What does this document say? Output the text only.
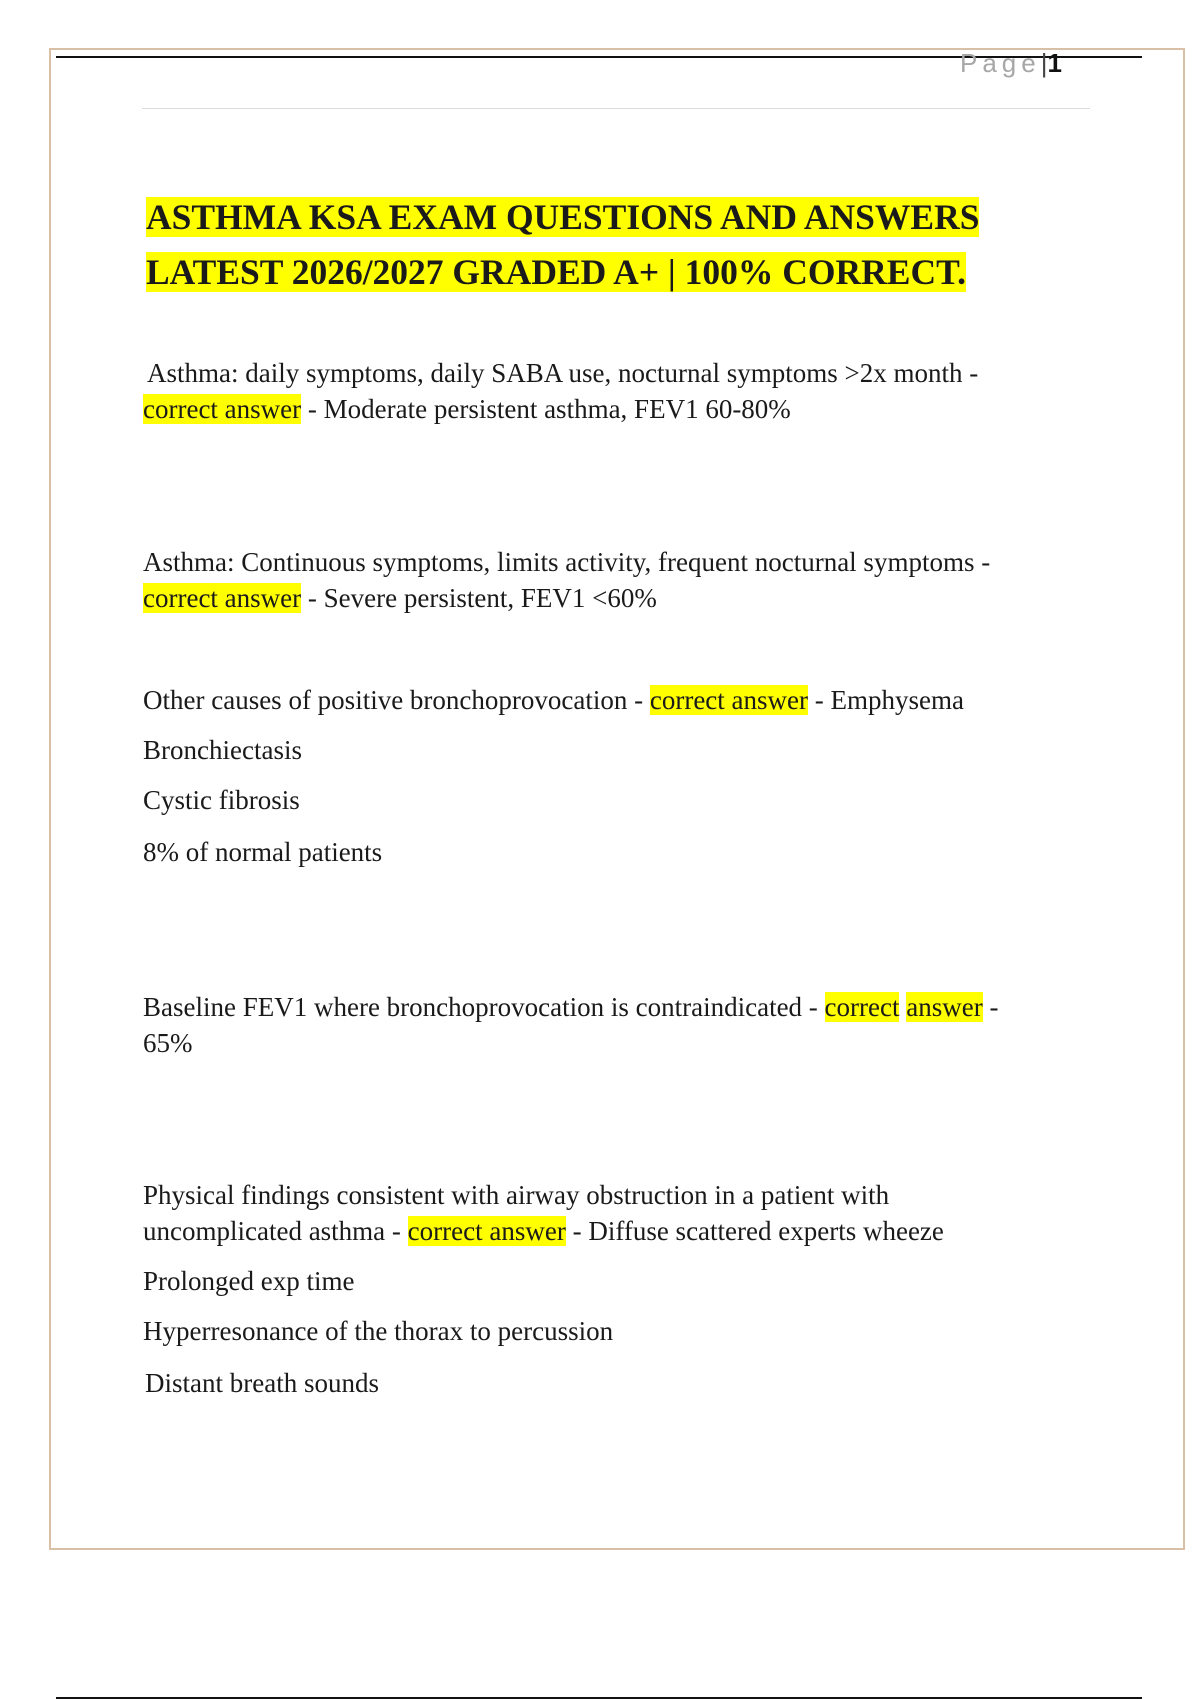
Page|1
ASTHMA KSA EXAM QUESTIONS AND ANSWERS
LATEST 2026/2027 GRADED A+ | 100% CORRECT.

Asthma: daily symptoms, daily SABA use, nocturnal symptoms >2x month -

correct answer - Moderate persistent asthma, FEV1 60-80%

Asthma: Continuous symptoms, limits activity, frequent nocturnal symptoms -

correct answer - Severe persistent, FEV1 <60%

Other causes of positive bronchoprovocation - correct answer - Emphysema

Bronchiectasis

Cystic fibrosis

8% of normal patients

Baseline FEV1 where bronchoprovocation is contraindicated - correct answer -

65%

Physical findings consistent with airway obstruction in a patient with

uncomplicated asthma - correct answer - Diffuse scattered experts wheeze

Prolonged exp time

Hyperresonance of the thorax to percussion

Distant breath sounds
